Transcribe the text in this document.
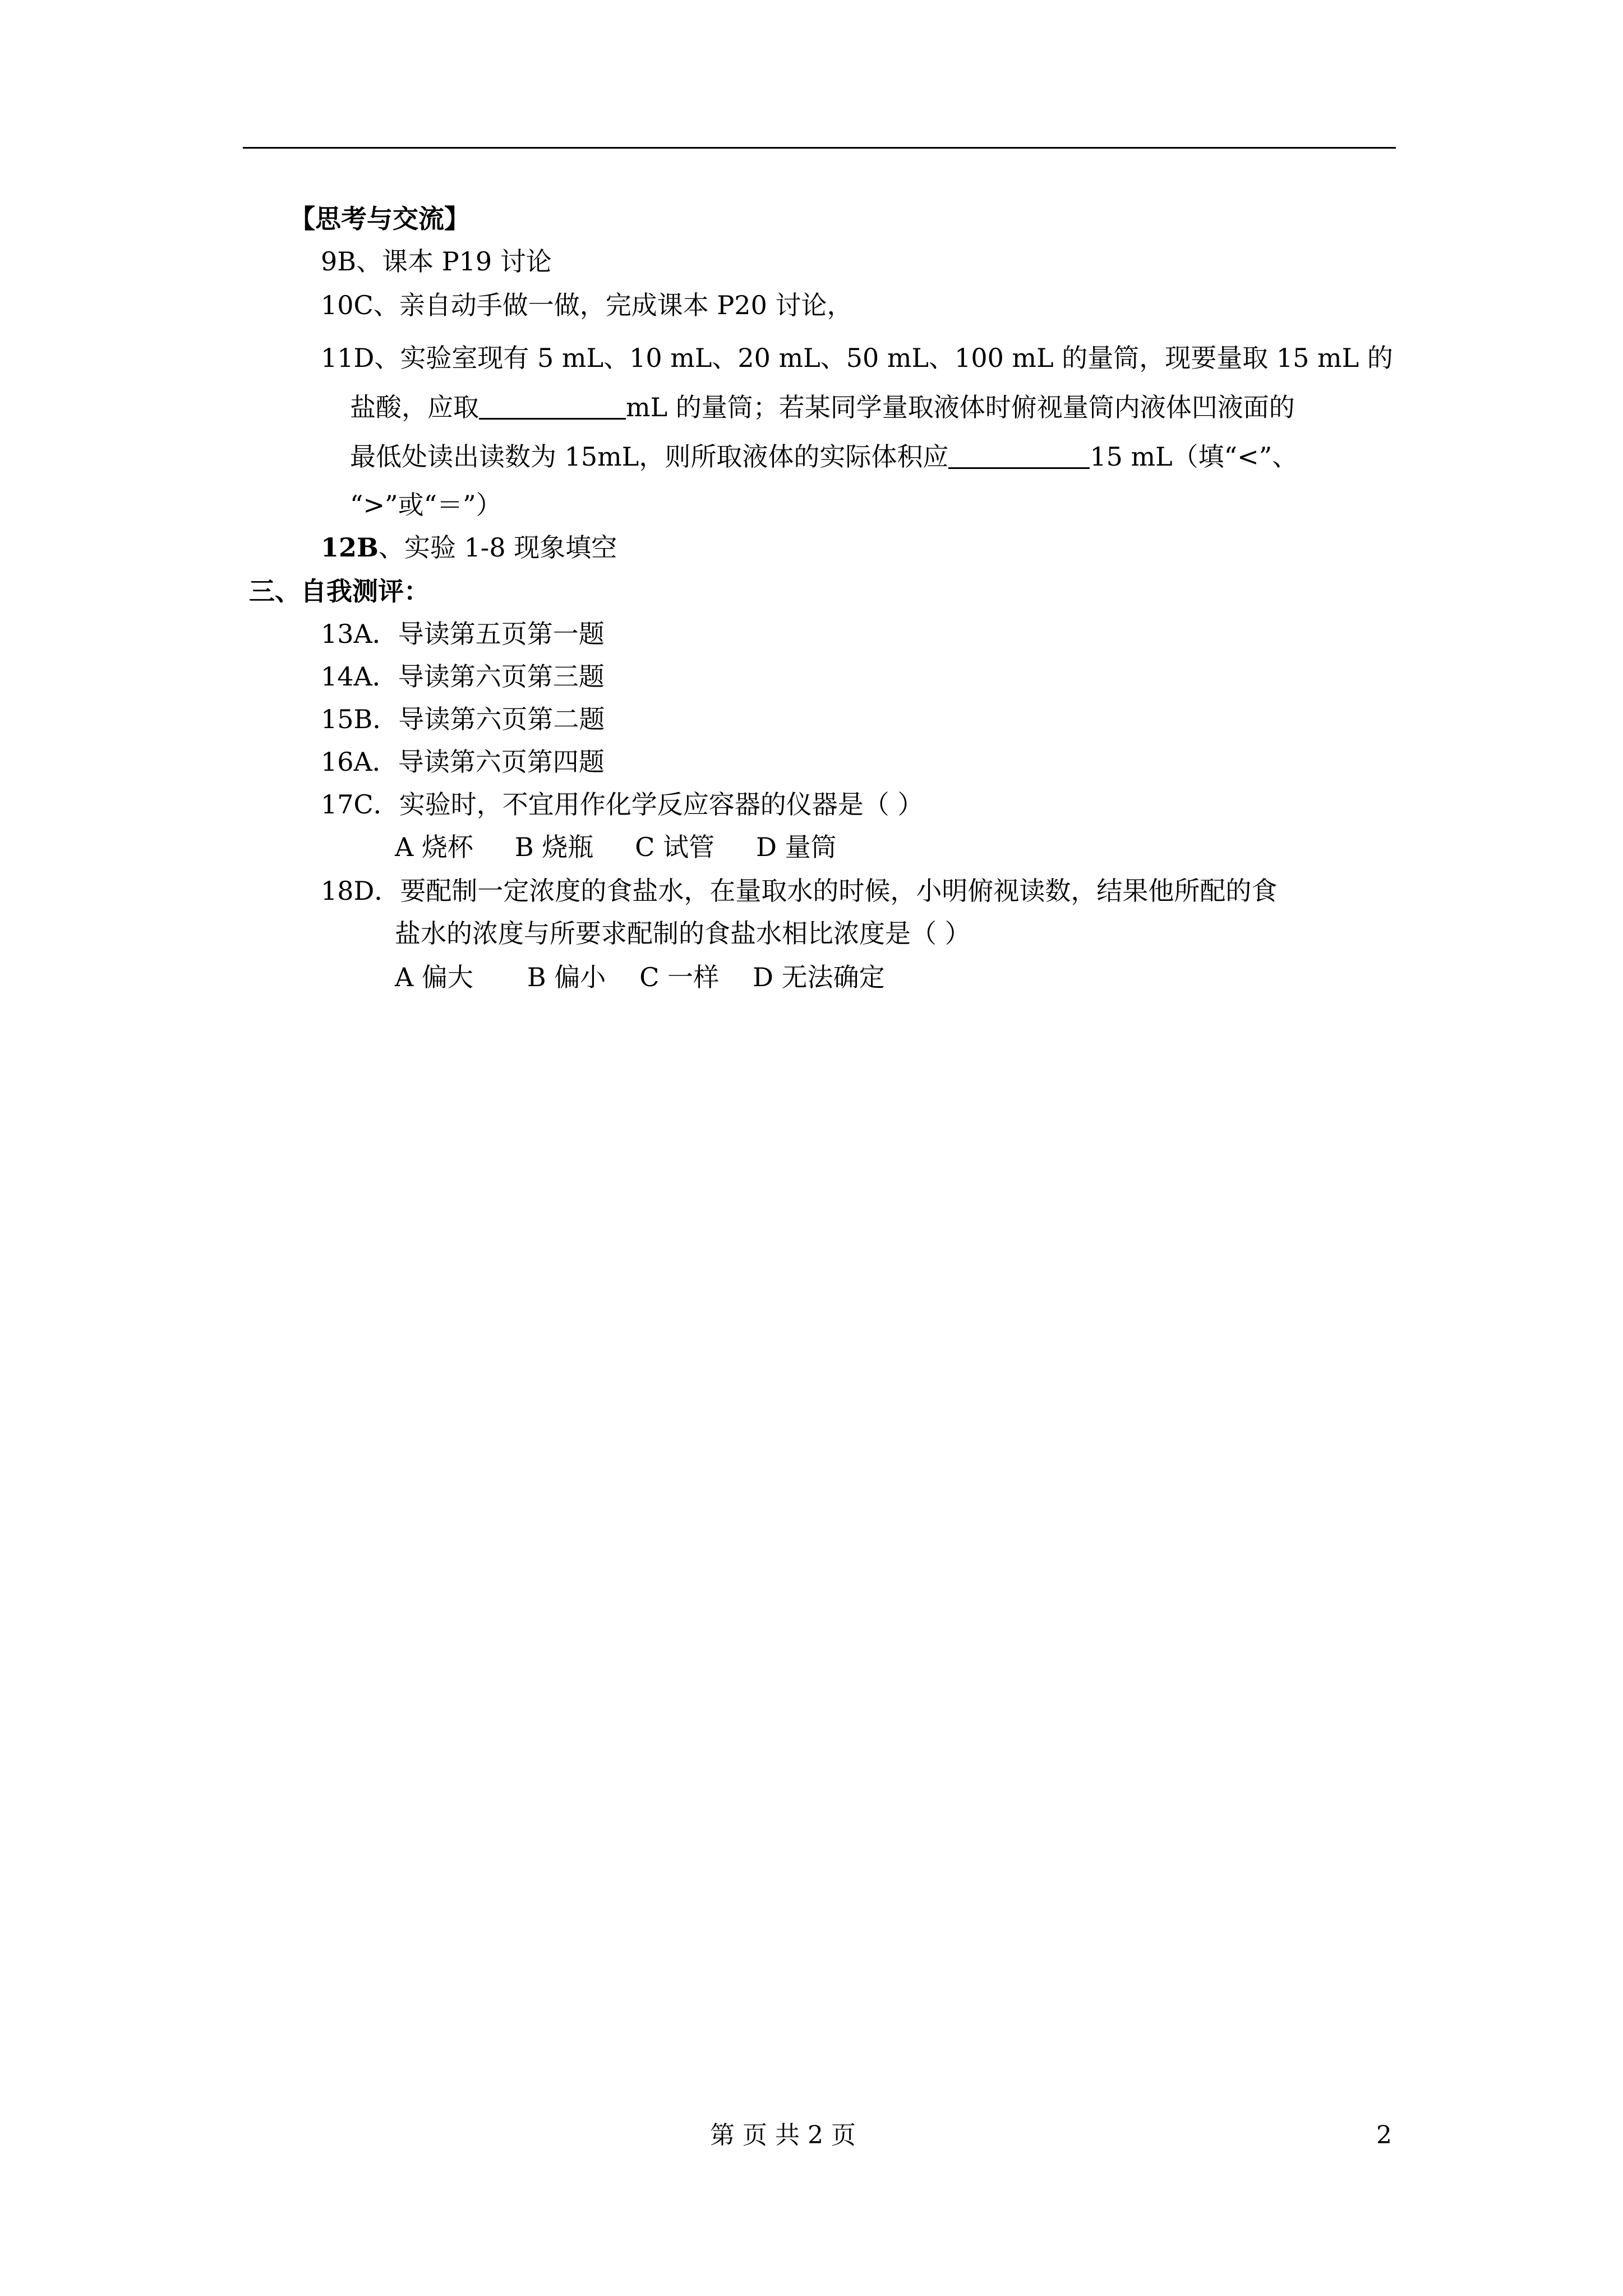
【思考与交流】
9B、课本 P19 讨论
10C、亲自动手做一做，完成课本 P20 讨论，
11D、实验室现有 5 mL、10 mL、20 mL、50 mL、100 mL 的量筒，现要量取 15 mL 的
盐酸，应取	mL 的量筒；若某同学量取液体时俯视量筒内液体凹液面的
最低处读出读数为 15mL，则所取液体的实际体积应	15 mL（填“<”、
“>”或“＝”）
12B、实验 1-8 现象填空
三、自我测评：
13A．导读第五页第一题
14A．导读第六页第三题
15B．导读第六页第二题
16A．导读第六页第四题
17C．实验时，不宜用作化学反应容器的仪器是（ ）
A 烧杯 B 烧瓶 C 试管 D 量筒
18D．要配制一定浓度的食盐水，在量取水的时候，小明俯视读数，结果他所配的食
盐水的浓度与所要求配制的食盐水相比浓度是（ ）
A 偏大 B 偏小 C 一样 D 无法确定
第 页 共 2 页	2
